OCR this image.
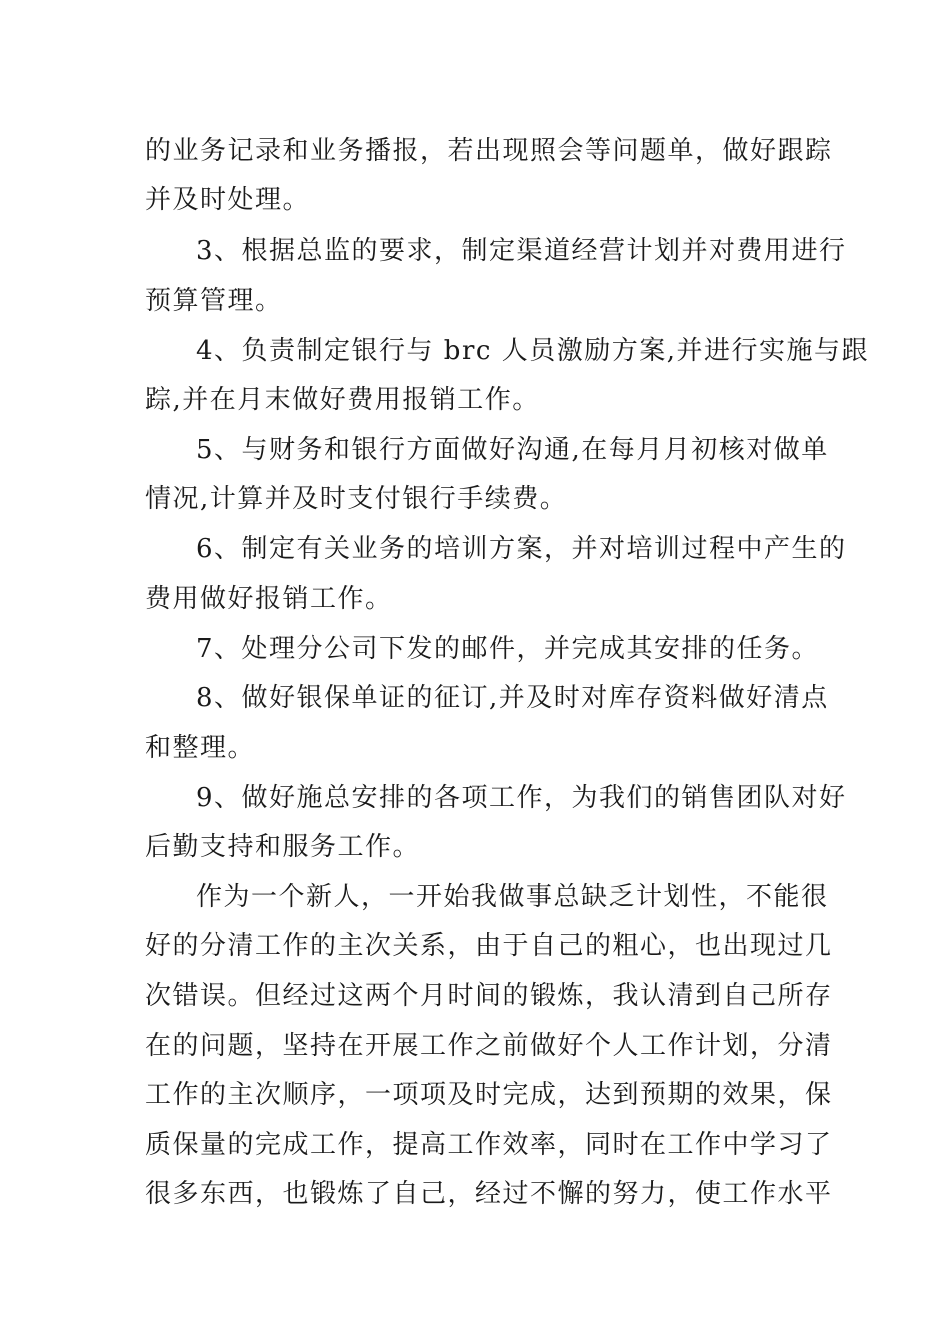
的业务记录和业务播报，若出现照会等问题单，做好跟踪
并及时处理。
3、根据总监的要求，制定渠道经营计划并对费用进行
预算管理。
4、负责制定银行与 brc 人员激励方案,并进行实施与跟
踪,并在月末做好费用报销工作。
5、与财务和银行方面做好沟通,在每月月初核对做单
情况,计算并及时支付银行手续费。
6、制定有关业务的培训方案，并对培训过程中产生的
费用做好报销工作。
7、处理分公司下发的邮件，并完成其安排的任务。
8、做好银保单证的征订,并及时对库存资料做好清点
和整理。
9、做好施总安排的各项工作，为我们的销售团队对好
后勤支持和服务工作。
作为一个新人，一开始我做事总缺乏计划性，不能很
好的分清工作的主次关系，由于自己的粗心，也出现过几
次错误。但经过这两个月时间的锻炼，我认清到自己所存
在的问题，坚持在开展工作之前做好个人工作计划，分清
工作的主次顺序，一项项及时完成，达到预期的效果，保
质保量的完成工作，提高工作效率，同时在工作中学习了
很多东西，也锻炼了自己，经过不懈的努力，使工作水平
